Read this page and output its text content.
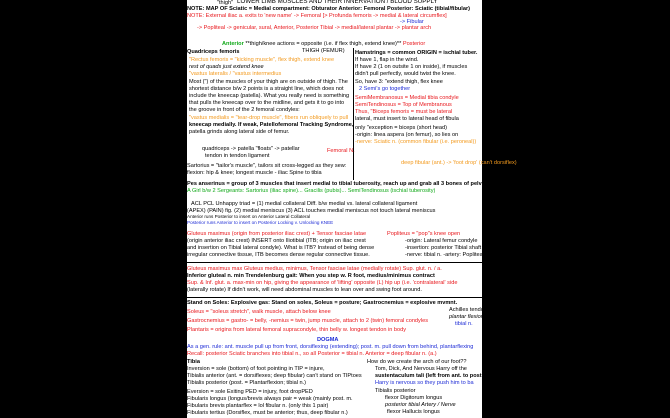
"thigh" LOWER LIMB MUSCLES AND THEIR INNERVATION / BLOOD SUPPLY
NOTE: MAP OF Sciatic = Medial compartment: Obturator Anterior: Femoral Posterior: Sciatic (tibial/fibular)
NOTE: External iliac a. exits to 'new name' -> Femoral [> Profunda femoris -> medial & lateral circumflex]
-> Fibular
-> Popliteal -> genicular, sural, Anterior, Posterior Tibial -> medial/lateral plantar -> plantar arch
Anterior **thigh/knee actions = opposite (i.e. if flex thigh, extend knee)** Posterior
THIGH (FEMUR)
Quadriceps femoris
"Rectus femoris = "kicking muscle", flex thigh, extend knee
rest of quads just extend knee
"vastus lateralis / "vastus intermedius
Most (") of the muscles of your thigh are on outside of thigh. The
shortest distance b/w 2 points is a straight line, which does not
include the kneecap (patella). What you really need is something
that pulls the kneecap over to the midline, and gets it to go into
the groove in front of the 2 femoral condyles:
"vastus medialis = "tear-drop muscle", fibers run obliquely to pull
kneecap medially. If weak, Patellofemoral Tracking Syndrome,
patella grinds along lateral side of femur.
Hamstrings = common ORIGIN = ischial tuber.
If have 1, flap in the wind.
If have 2 (1 on outsite 1 on inside), if muscles
didn't pull perfectly, would twist the knee.
So, have 3: "extend thigh, flex knee
2 Semi's go together
SemiMembranosus = Medial tibia condyle
SemiTendinosus = Top of Membranous
Thus, "Biceps femoris = must be lateral
lateral, must insert to lateral head of fibula
only "exception = biceps (short head)
-origin: linea aspera (on femur), so lies on
-nerve: Sciatic n. (common fibular (i.e. peroneal))
quadriceps -> patella "floats" -> patellar
tendon in tendon ligament
Femoral N.
Sartorius = "tailor's muscle", tailors sit cross-legged as they sew:
flexion: hip & knee; longest muscle - iliac Spine to tibia
deep fibular (ant.) -> 'foot drop' (can't dorsiflex)
Pes anserinus = group of 3 muscles that insert medial to tibial tuberosity, reach up and grab all 3 bones of pelvis
A Girl b/w 2 Sergeants: Sartorius (iliac spine)... Gracilis (pubis)... SemiTendinosus (ischial tuberosity)
ACL PCL Unhappy triad = (1) medial collateral Diff. b/w medial vs. lateral collateral ligament
(APEX) (PAIN) fig. (2) medial meniscus (3) ACL touches medial meniscus not touch lateral meniscus
Anterior runs Posterior to insert on Anterior Lateral Collateral
Posterior runs Anterior to insert on Posterior Locking v. Unlocking KNEE
Gluteus maximus (origin from posterior iliac crest) + Tensor fasciae latae
(origin anterior iliac crest) INSERT onto Iliotibial (ITB; origin on iliac crest
and insertion on Tibial lateral condyle). What is ITB? Instead of being dense
irregular connective tissue, ITB becomes dense regular connective tissue.
Popliteus = "pop"s knee open
-origin: Lateral femur condyle
-insertion: posterior Tibial shaft
-nerve: tibial n. -artery: Popliteal
Gluteus maximus max Gluteus medius, minimus, Tensor fasciae latae (medially rotate) Sup. glut. n. / a.
Inferior gluteal n. min Trendelenburg gait: When you step w. R foot, medius/minimus contract
Sup. & Inf. glut. a. max-min on hip, giving the appearance of 'lifting' opposite (L) hip up (i.e. 'contralateral' side
(laterally rotate) If didn't work, will need abdominal muscles to lean over and swing foot around.
Stand on Soles: Explosive gas: Stand on soles, Soleus = posture; Gastrocnemius = explosive mvmnt.
Soleus = "soleus stretch", walk muscle, attach below knee
Gastrocnemius = gastro- = belly, -nemius = twin, jump muscle, attach to 2 (twin) femoral condyles
Plantaris = origins from lateral femoral supracondyle, thin belly w. longest tendon in body
Achilles tendon
plantar flexion
tibial n.
DOGMA
As a gen. rule: ant. muscle pull up from front, dorsiflexing (extending); post. m. pull down from behind, plantarflexing
Recall: posterior Sciatic branches into tibial n., so all Posterior = tibial n. Anterior = deep fibular n. (a.)
Tibia
Inversion = sole (bottom) of foot pointing in TIP = injure,
Tibialis anterior (ant. = dorsiflexes; deep fibular) can't stand on TIPtoes
Tibialis posterior (post. = Plantarflexion; tibial n.)
Eversion = sole Exiting PED = injury, foot dropPED
Fibularis longus (longus/brevis always pair = weak (mainly post. m.
Fibularis brevis plantarflex = lol fibular n. (only this 1 pair)
Fibularis tertius (Dorsiflex, must be anterior; thus, deep fibular n.)
How do we create the arch of our foot??
Tom, Dick, And Nervous Harry off the
sustentaculum tali (left from ant. to post
Harry is nervous so they push him to ba
Tibialis posterior
flexor Digitorum longus
posterior tibial Artery / Nerve
flexor Hallucis longus
